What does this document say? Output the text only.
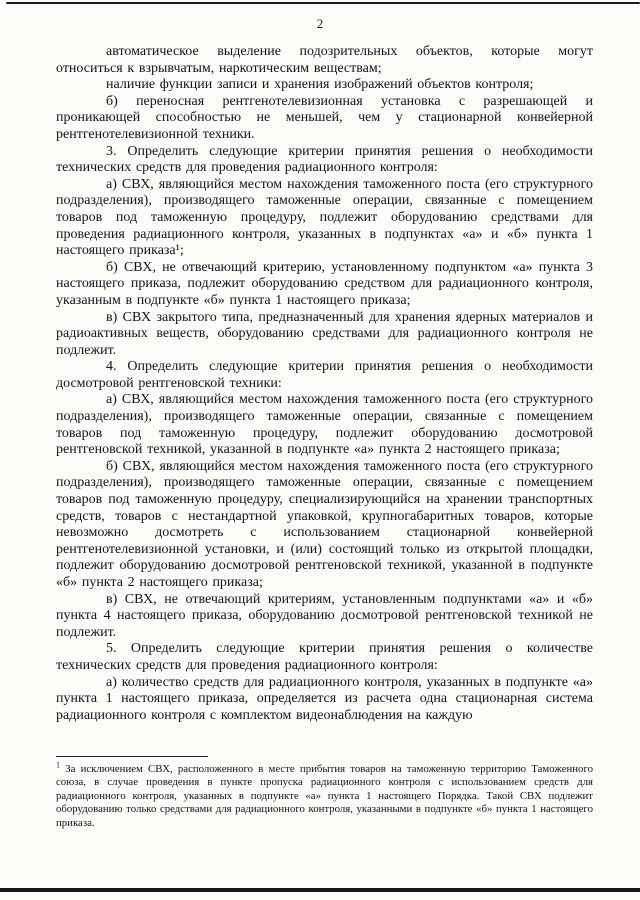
2

автоматическое выделение подозрительных объектов, которые могут относиться к взрывчатым, наркотическим веществам;

наличие функции записи и хранения изображений объектов контроля;

б) переносная рентгенотелевизионная установка с разрешающей и проникающей способностью не меньшей, чем у стационарной конвейерной рентгенотелевизионной техники.

3. Определить следующие критерии принятия решения о необходимости технических средств для проведения радиационного контроля:

а) СВХ, являющийся местом нахождения таможенного поста (его структурного подразделения), производящего таможенные операции, связанные с помещением товаров под таможенную процедуру, подлежит оборудованию средствами для проведения радиационного контроля, указанных в подпунктах «а» и «б» пункта 1 настоящего приказа¹;

б) СВХ, не отвечающий критерию, установленному подпунктом «а» пункта 3 настоящего приказа, подлежит оборудованию средством для радиационного контроля, указанным в подпункте «б» пункта 1 настоящего приказа;

в) СВХ закрытого типа, предназначенный для хранения ядерных материалов и радиоактивных веществ, оборудованию средствами для радиационного контроля не подлежит.

4. Определить следующие критерии принятия решения о необходимости досмотровой рентгеновской техники:

а) СВХ, являющийся местом нахождения таможенного поста (его структурного подразделения), производящего таможенные операции, связанные с помещением товаров под таможенную процедуру, подлежит оборудованию досмотровой рентгеновской техникой, указанной в подпункте «а» пункта 2 настоящего приказа;

б) СВХ, являющийся местом нахождения таможенного поста (его структурного подразделения), производящего таможенные операции, связанные с помещением товаров под таможенную процедуру, специализирующийся на хранении транспортных средств, товаров с нестандартной упаковкой, крупногабаритных товаров, которые невозможно досмотреть с использованием стационарной конвейерной рентгенотелевизионной установки, и (или) состоящий только из открытой площадки, подлежит оборудованию досмотровой рентгеновской техникой, указанной в подпункте «б» пункта 2 настоящего приказа;

в) СВХ, не отвечающий критериям, установленным подпунктами «а» и «б» пункта 4 настоящего приказа, оборудованию досмотровой рентгеновской техникой не подлежит.

5. Определить следующие критерии принятия решения о количестве технических средств для проведения радиационного контроля:

а) количество средств для радиационного контроля, указанных в подпункте «а» пункта 1 настоящего приказа, определяется из расчета одна стационарная система радиационного контроля с комплектом видеонаблюдения на каждую

$^1$ За исключением СВХ, расположенного в месте прибытия товаров на таможенную территорию Таможенного союза, в случае проведения в пункте пропуска радиационного контроля с использованием средств для радиационного контроля, указанных в подпункте «а» пункта 1 настоящего Порядка. Такой СВХ подлежит оборудованию только средствами для радиационного контроля, указанными в подпункте «б» пункта 1 настоящего приказа.
